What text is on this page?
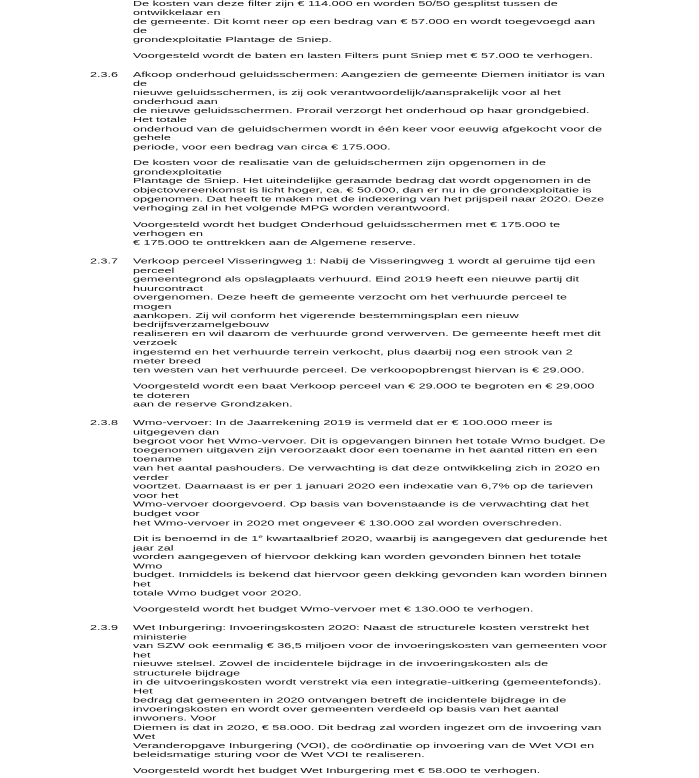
De kosten van deze filter zijn € 114.000 en worden 50/50 gesplitst tussen de ontwikkelaar en
de gemeente. Dit komt neer op een bedrag van € 57.000 en wordt toegevoegd aan de
grondexploitatie Plantage de Sniep.

Voorgesteld wordt de baten en lasten Filters punt Sniep met € 57.000 te verhogen.

2.3.6 Afkoop onderhoud geluidsschermen: Aangezien de gemeente Diemen initiator is van de
nieuwe geluidsschermen, is zij ook verantwoordelijk/aansprakelijk voor al het onderhoud aan
de nieuwe geluidsschermen. Prorail verzorgt het onderhoud op haar grondgebied. Het totale
onderhoud van de geluidschermen wordt in één keer voor eeuwig afgekocht voor de gehele
periode, voor een bedrag van circa € 175.000.

De kosten voor de realisatie van de geluidschermen zijn opgenomen in de grondexploitatie
Plantage de Sniep. Het uiteindelijke geraamde bedrag dat wordt opgenomen in de
objectovereenkomst is licht hoger, ca. € 50.000, dan er nu in de grondexploitatie is
opgenomen. Dat heeft te maken met de indexering van het prijspeil naar 2020. Deze
verhoging zal in het volgende MPG worden verantwoord.

Voorgesteld wordt het budget Onderhoud geluidsschermen met € 175.000 te verhogen en
€ 175.000 te onttrekken aan de Algemene reserve.

2.3.7 Verkoop perceel Visseringweg 1: Nabij de Visseringweg 1 wordt al geruime tijd een perceel
gemeentegrond als opslagplaats verhuurd. Eind 2019 heeft een nieuwe partij dit huurcontract
overgenomen. Deze heeft de gemeente verzocht om het verhuurde perceel te mogen
aankopen. Zij wil conform het vigerende bestemmingsplan een nieuw bedrijfsverzamelgebouw
realiseren en wil daarom de verhuurde grond verwerven. De gemeente heeft met dit verzoek
ingestemd en het verhuurde terrein verkocht, plus daarbij nog een strook van 2 meter breed
ten westen van het verhuurde perceel. De verkoopopbrengst hiervan is € 29.000.

Voorgesteld wordt een baat Verkoop perceel van € 29.000 te begroten en € 29.000 te doteren
aan de reserve Grondzaken.

2.3.8 Wmo-vervoer: In de Jaarrekening 2019 is vermeld dat er € 100.000 meer is uitgegeven dan
begroot voor het Wmo-vervoer. Dit is opgevangen binnen het totale Wmo budget. De
toegenomen uitgaven zijn veroorzaakt door een toename in het aantal ritten en een toename
van het aantal pashouders. De verwachting is dat deze ontwikkeling zich in 2020 en verder
voortzet. Daarnaast is er per 1 januari 2020 een indexatie van 6,7% op de tarieven voor het
Wmo-vervoer doorgevoerd. Op basis van bovenstaande is de verwachting dat het budget voor
het Wmo-vervoer in 2020 met ongeveer € 130.000 zal worden overschreden.

Dit is benoemd in de 1e kwartaalbrief 2020, waarbij is aangegeven dat gedurende het jaar zal
worden aangegeven of hiervoor dekking kan worden gevonden binnen het totale Wmo
budget. Inmiddels is bekend dat hiervoor geen dekking gevonden kan worden binnen het
totale Wmo budget voor 2020.

Voorgesteld wordt het budget Wmo-vervoer met € 130.000 te verhogen.

2.3.9 Wet Inburgering: Invoeringskosten 2020: Naast de structurele kosten verstrekt het ministerie
van SZW ook eenmalig € 36,5 miljoen voor de invoeringskosten van gemeenten voor het
nieuwe stelsel. Zowel de incidentele bijdrage in de invoeringskosten als de structurele bijdrage
in de uitvoeringskosten wordt verstrekt via een integratie-uitkering (gemeentefonds). Het
bedrag dat gemeenten in 2020 ontvangen betreft de incidentele bijdrage in de
invoeringskosten en wordt over gemeenten verdeeld op basis van het aantal inwoners. Voor
Diemen is dat in 2020, € 58.000. Dit bedrag zal worden ingezet om de invoering van Wet
Veranderopgave Inburgering (VOI), de coördinatie op invoering van de Wet VOI en
beleidsmatige sturing voor de Wet VOI te realiseren.

Voorgesteld wordt het budget Wet Inburgering met € 58.000 te verhogen.
